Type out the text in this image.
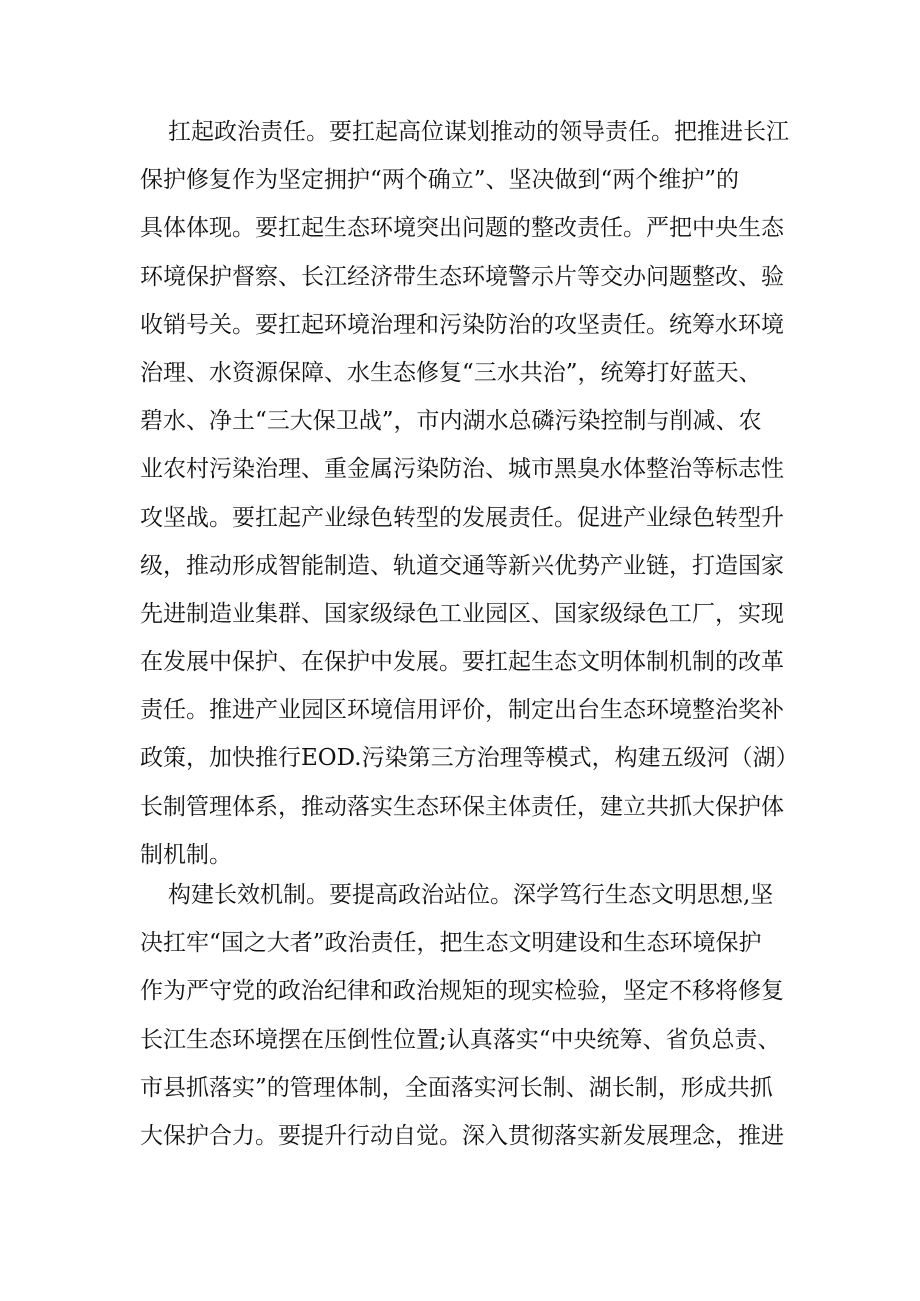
扛起政治责任。要扛起高位谋划推动的领导责任。把推进长江
保护修复作为坚定拥护“两个确立”、坚决做到“两个维护”的
具体体现。要扛起生态环境突出问题的整改责任。严把中央生态
环境保护督察、长江经济带生态环境警示片等交办问题整改、验
收销号关。要扛起环境治理和污染防治的攻坚责任。统筹水环境
治理、水资源保障、水生态修复“三水共治”，统筹打好蓝天、
碧水、净土“三大保卫战”，市内湖水总磷污染控制与削减、农
业农村污染治理、重金属污染防治、城市黑臭水体整治等标志性
攻坚战。要扛起产业绿色转型的发展责任。促进产业绿色转型升
级，推动形成智能制造、轨道交通等新兴优势产业链，打造国家
先进制造业集群、国家级绿色工业园区、国家级绿色工厂，实现
在发展中保护、在保护中发展。要扛起生态文明体制机制的改革
责任。推进产业园区环境信用评价，制定出台生态环境整治奖补
政策，加快推行EOD.污染第三方治理等模式，构建五级河（湖）
长制管理体系，推动落实生态环保主体责任，建立共抓大保护体
制机制。
构建长效机制。要提高政治站位。深学笃行生态文明思想,坚
决扛牢“国之大者”政治责任，把生态文明建设和生态环境保护
作为严守党的政治纪律和政治规矩的现实检验，坚定不移将修复
长江生态环境摆在压倒性位置;认真落实“中央统筹、省负总责、
市县抓落实”的管理体制，全面落实河长制、湖长制，形成共抓
大保护合力。要提升行动自觉。深入贯彻落实新发展理念，推进
